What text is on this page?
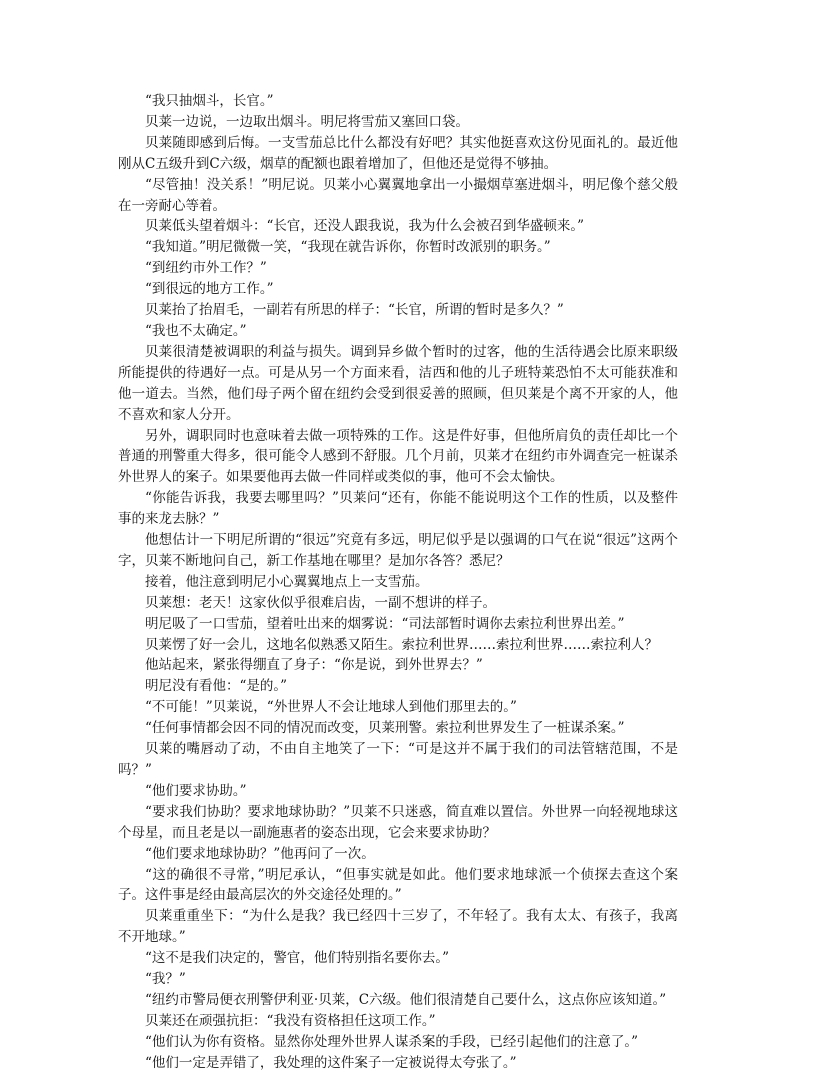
“我只抽烟斗，长官。”

贝莱一边说，一边取出烟斗。明尼将雪茄又塞回口袋。

贝莱随即感到后悔。一支雪茄总比什么都没有好吧？其实他挺喜欢这份见面礼的。最近他刚从C五级升到C六级，烟草的配额也跟着增加了，但他还是觉得不够抽。

“尽管抽！没关系！”明尼说。贝莱小心翼翼地拿出一小撮烟草塞进烟斗，明尼像个慈父般在一旁耐心等着。

贝莱低头望着烟斗：“长官，还没人跟我说，我为什么会被召到华盛顿来。”

“我知道。”明尼微微一笑，“我现在就告诉你，你暂时改派别的职务。”

“到纽约市外工作？”

“到很远的地方工作。”

贝莱抬了抬眉毛，一副若有所思的样子：“长官，所谓的暂时是多久？”

“我也不太确定。”

贝莱很清楚被调职的利益与损失。调到异乡做个暂时的过客，他的生活待遇会比原来职级所能提供的待遇好一点。可是从另一个方面来看，洁西和他的儿子班特莱恐怕不太可能获准和他一道去。当然，他们母子两个留在纽约会受到很妥善的照顾，但贝莱是个离不开家的人，他不喜欢和家人分开。

另外，调职同时也意味着去做一项特殊的工作。这是件好事，但他所肩负的责任却比一个普通的刑警重大得多，很可能令人感到不舒服。几个月前，贝莱才在纽约市外调查完一桩谋杀外世界人的案子。如果要他再去做一件同样或类似的事，他可不会太愉快。

“你能告诉我，我要去哪里吗？”贝莱问“还有，你能不能说明这个工作的性质，以及整件事的来龙去脉？”

他想估计一下明尼所谓的“很远”究竟有多远，明尼似乎是以强调的口气在说“很远”这两个字，贝莱不断地问自己，新工作基地在哪里？是加尔各答？悉尼？

接着，他注意到明尼小心翼翼地点上一支雪茄。

贝莱想：老天！这家伙似乎很难启齿，一副不想讲的样子。

明尼吸了一口雪茄，望着吐出来的烟雾说：“司法部暂时调你去索拉利世界出差。”

贝莱愣了好一会儿，这地名似熟悉又陌生。索拉利世界……索拉利世界……索拉利人？

他站起来，紧张得绷直了身子：“你是说，到外世界去？”

明尼没有看他：“是的。”

“不可能！”贝莱说，“外世界人不会让地球人到他们那里去的。”

“任何事情都会因不同的情况而改变，贝莱刑警。索拉利世界发生了一桩谋杀案。”

贝莱的嘴唇动了动，不由自主地笑了一下：“可是这并不属于我们的司法管辖范围，不是吗？”

“他们要求协助。”

“要求我们协助？要求地球协助？”贝莱不只迷惑，简直难以置信。外世界一向轻视地球这个母星，而且老是以一副施惠者的姿态出现，它会来要求协助？

“他们要求地球协助？”他再问了一次。

“这的确很不寻常，”明尼承认，“但事实就是如此。他们要求地球派一个侦探去查这个案子。这件事是经由最高层次的外交途径处理的。”

贝莱重重坐下：“为什么是我？我已经四十三岁了，不年轻了。我有太太、有孩子，我离不开地球。”

“这不是我们决定的，警官，他们特别指名要你去。”

“我？”

“纽约市警局便衣刑警伊利亚·贝莱，C六级。他们很清楚自己要什么，这点你应该知道。”

贝莱还在顽强抗拒：“我没有资格担任这项工作。”

“他们认为你有资格。显然你处理外世界人谋杀案的手段，已经引起他们的注意了。”

“他们一定是弄错了，我处理的这件案子一定被说得太夸张了。”
